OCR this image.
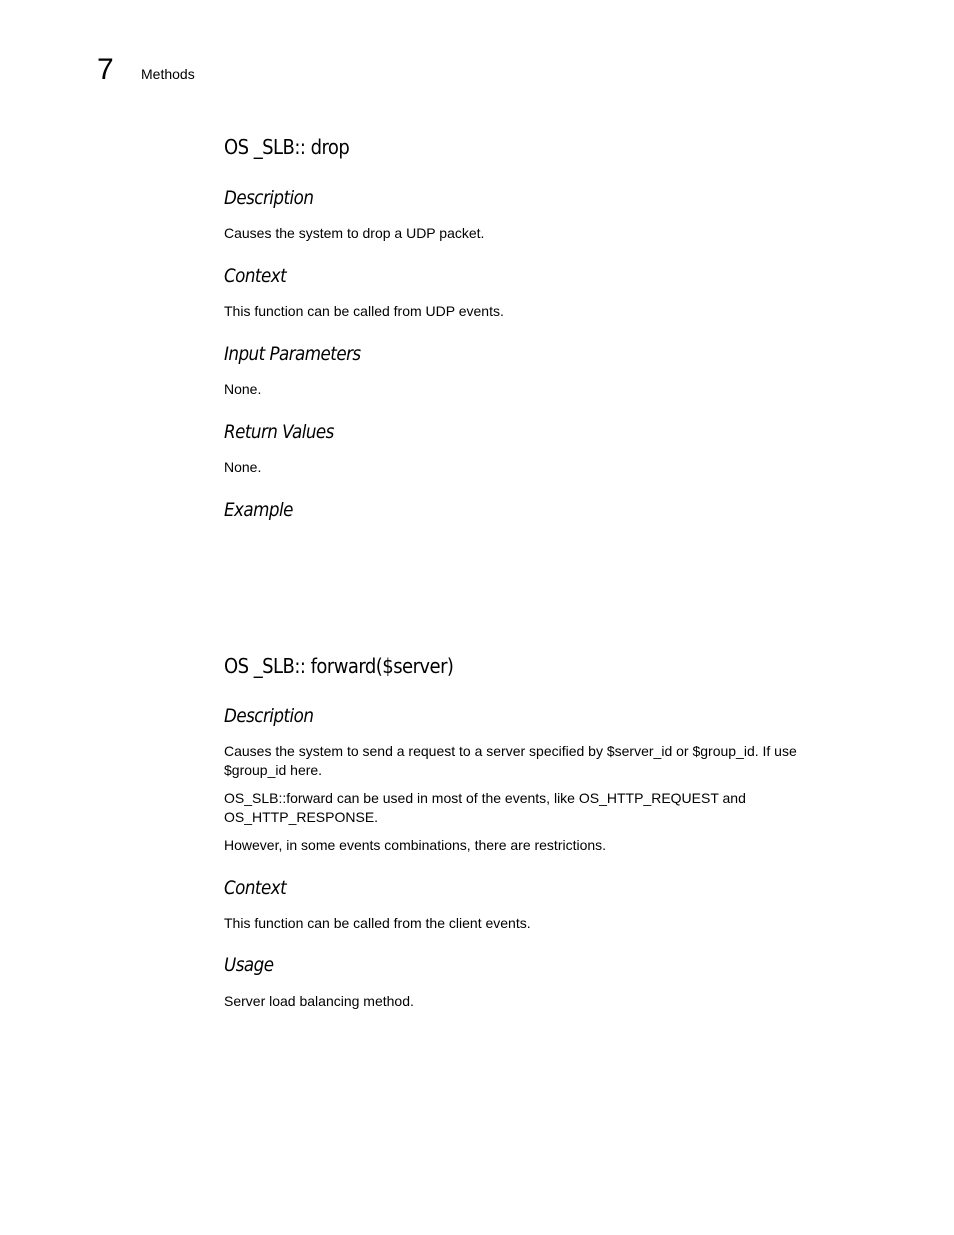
7 Methods
OS _SLB:: drop
Description
Causes the system to drop a UDP packet.
Context
This function can be called from UDP events.
Input Parameters
None.
Return Values
None.
Example
OS _SLB:: forward($server)
Description
Causes the system to send a request to a server specified by $server_id or $group_id. If use $group_id here.
OS_SLB::forward can be used in most of the events, like OS_HTTP_REQUEST and OS_HTTP_RESPONSE.
However, in some events combinations, there are restrictions.
Context
This function can be called from the client events.
Usage
Server load balancing method.
